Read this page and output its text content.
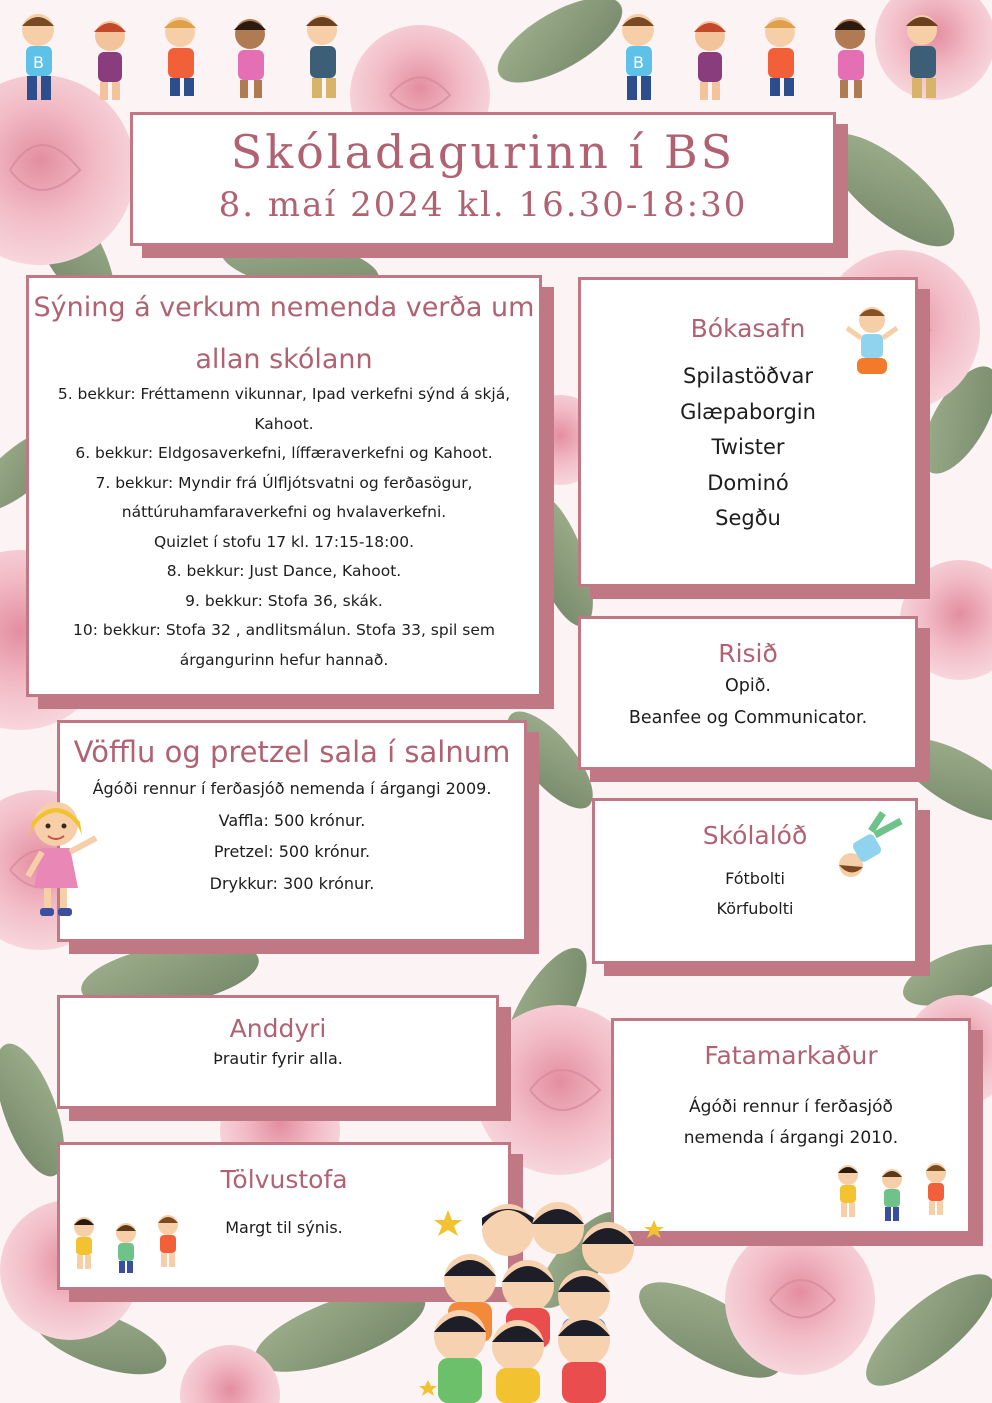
B	B
Skóladagurinn í BS
8. maí 2024 kl. 16.30-18:30
Sýning á verkum nemenda verða um
allan skólann
5. bekkur: Fréttamenn vikunnar, Ipad verkefni sýnd á skjá,
Kahoot.
6. bekkur: Eldgosaverkefni, líffæraverkefni og Kahoot.
7. bekkur: Myndir frá Úlfljótsvatni og ferðasögur,
náttúruhamfaraverkefni og hvalaverkefni.
Quizlet í stofu 17 kl. 17:15-18:00.
8. bekkur: Just Dance, Kahoot.
9. bekkur: Stofa 36, skák.
10: bekkur: Stofa 32 , andlitsmálun. Stofa 33, spil sem
árgangurinn hefur hannað.
Bókasafn
Spilastöðvar
Glæpaborgin
Twister
Dominó
Segðu
Risið
Opið.
Beanfee og Communicator.
Vöfflu og pretzel sala í salnum
Ágóði rennur í ferðasjóð nemenda í árgangi 2009.
Vaffla: 500 krónur.
Pretzel: 500 krónur.
Drykkur: 300 krónur.
Skólalóð
Fótbolti
Körfubolti
Anddyri
Þrautir fyrir alla.	Fatamarkaður
Ágóði rennur í ferðasjóð
nemenda í árgangi 2010.
Tölvustofa
Margt til sýnis.
